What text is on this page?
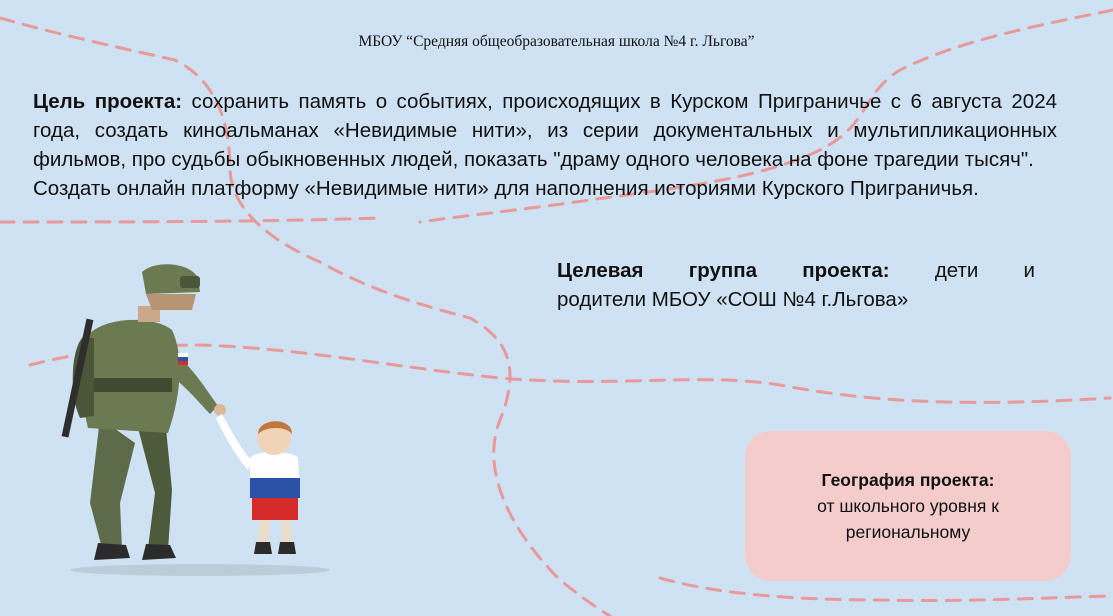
МБОУ “Средняя общеобразовательная школа №4 г. Льгова”

Цель проекта: сохранить память о событиях, происходящих в Курском Приграничье с 6 августа 2024 года, создать киноальманах «Невидимые нити», из серии документальных и мультипликационных фильмов, про судьбы обыкновенных людей, показать "драму одного человека на фоне трагедии тысяч".

Создать онлайн платформу «Невидимые нити» для наполнения историями Курского Приграничья.

Целевая группа проекта: дети и
родители МБОУ «СОШ №4 г.Льгова»
География проекта:
от школьного уровня к
региональному
